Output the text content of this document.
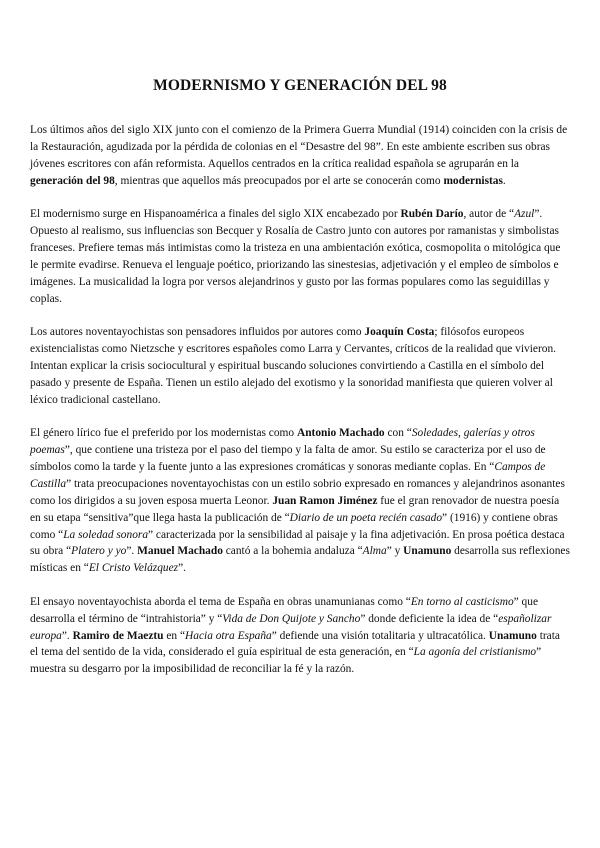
MODERNISMO Y GENERACIÓN DEL 98

Los últimos años del siglo XIX junto con el comienzo de la Primera Guerra Mundial (1914) coinciden con la crisis de la Restauración, agudizada por la pérdida de colonias en el “Desastre del 98”. En este ambiente escriben sus obras jóvenes escritores con afán reformista. Aquellos centrados en la crítica realidad española se agruparán en la generación del 98, mientras que aquellos más preocupados por el arte se conocerán como modernistas.

El modernismo surge en Hispanoamérica a finales del siglo XIX encabezado por Rubén Darío, autor de “Azul”. Opuesto al realismo, sus influencias son Becquer y Rosalía de Castro junto con autores por ramanistas y simbolistas franceses. Prefiere temas más intimistas como la tristeza en una ambientación exótica, cosmopolita o mitológica que le permite evadirse. Renueva el lenguaje poético, priorizando las sinestesias, adjetivación y el empleo de símbolos e imágenes. La musicalidad la logra por versos alejandrinos y gusto por las formas populares como las seguidillas y coplas.

Los autores noventayochistas son pensadores influidos por autores como Joaquín Costa; filósofos europeos existencialistas como Nietzsche y escritores españoles como Larra y Cervantes, críticos de la realidad que vivieron. Intentan explicar la crisis sociocultural y espiritual buscando soluciones convirtiendo a Castilla en el símbolo del pasado y presente de España. Tienen un estilo alejado del exotismo y la sonoridad manifiesta que quieren volver al léxico tradicional castellano.

El género lírico fue el preferido por los modernistas como Antonio Machado con “Soledades, galerías y otros poemas”, que contiene una tristeza por el paso del tiempo y la falta de amor. Su estilo se caracteriza por el uso de símbolos como la tarde y la fuente junto a las expresiones cromáticas y sonoras mediante coplas. En “Campos de Castilla” trata preocupaciones noventayochistas con un estilo sobrio expresado en romances y alejandrinos asonantes como los dirigidos a su joven esposa muerta Leonor. Juan Ramon Jiménez fue el gran renovador de nuestra poesía en su etapa “sensitiva”que llega hasta la publicación de “Diario de un poeta recién casado” (1916) y contiene obras como “La soledad sonora” caracterizada por la sensibilidad al paisaje y la fina adjetivación. En prosa poética destaca su obra “Platero y yo”. Manuel Machado cantó a la bohemia andaluza “Alma” y Unamuno desarrolla sus reflexiones místicas en “El Cristo Velázquez”.

El ensayo noventayochista aborda el tema de España en obras unamunianas como “En torno al casticismo” que desarrolla el término de “intrahistoria” y “Vida de Don Quijote y Sancho” donde deficiente la idea de “españolizar europa”. Ramiro de Maeztu en “Hacia otra España” defiende una visión totalitaria y ultracatólica. Unamuno trata el tema del sentido de la vida, considerado el guía espiritual de esta generación, en “La agonía del cristianismo” muestra su desgarro por la imposibilidad de reconciliar la fé y la razón.
